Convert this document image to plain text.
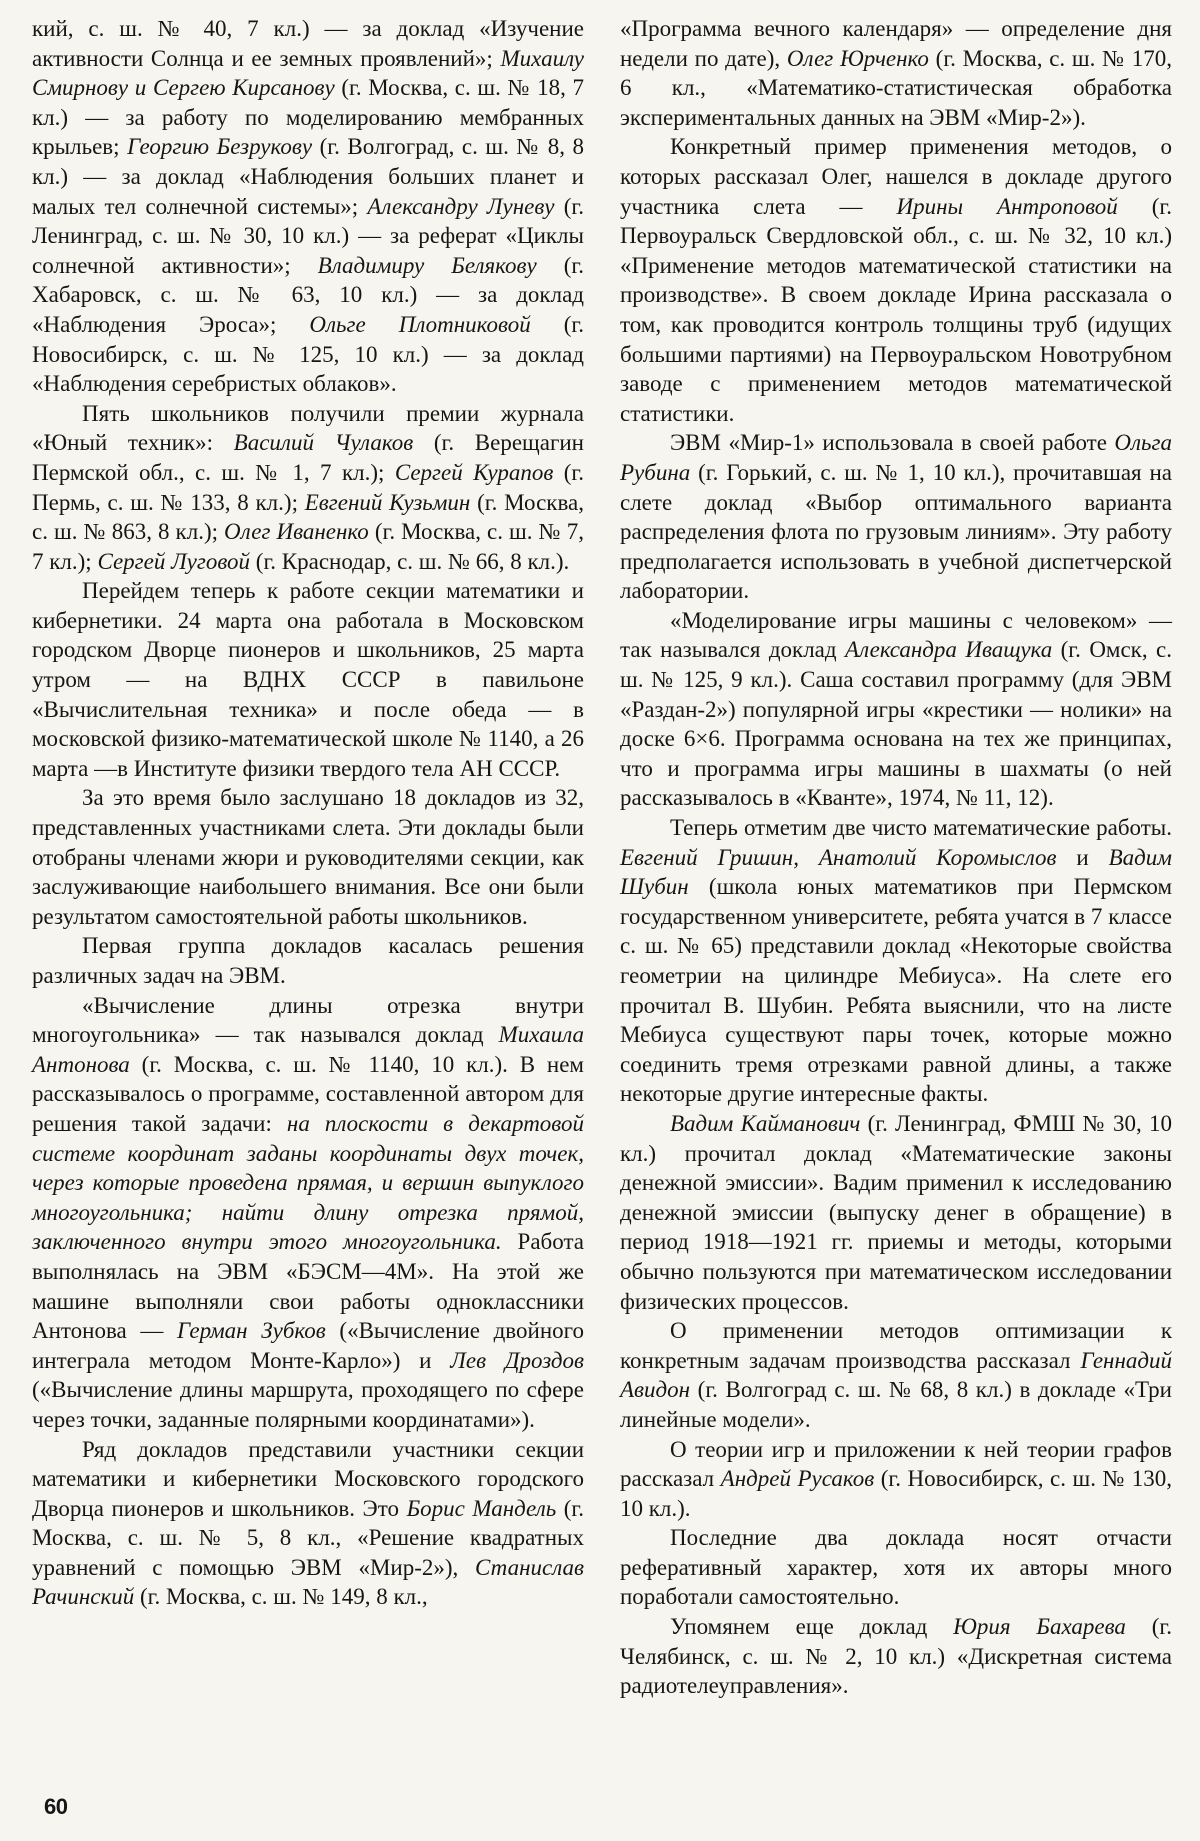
кий, с. ш. № 40, 7 кл.) — за доклад «Изучение активности Солнца и ее земных проявлений»; Михаилу Смирнову и Сергею Кирсанову (г. Москва, с. ш. № 18, 7 кл.) — за работу по моделированию мембранных крыльев; Георгию Безрукову (г. Волгоград, с. ш. № 8, 8 кл.) — за доклад «Наблюдения больших планет и малых тел солнечной системы»; Александру Луневу (г. Ленинград, с. ш. № 30, 10 кл.) — за реферат «Циклы солнечной активности»; Владимиру Белякову (г. Хабаровск, с. ш. № 63, 10 кл.) — за доклад «Наблюдения Эроса»; Ольге Плотниковой (г. Новосибирск, с. ш. № 125, 10 кл.) — за доклад «Наблюдения серебристых облаков».

Пять школьников получили премии журнала «Юный техник»: Василий Чулаков (г. Верещагин Пермской обл., с. ш. № 1, 7 кл.); Сергей Курапов (г. Пермь, с. ш. № 133, 8 кл.); Евгений Кузьмин (г. Москва, с. ш. № 863, 8 кл.); Олег Иваненко (г. Москва, с. ш. № 7, 7 кл.); Сергей Луговой (г. Краснодар, с. ш. № 66, 8 кл.).

Перейдем теперь к работе секции математики и кибернетики. 24 марта она работала в Московском городском Дворце пионеров и школьников, 25 марта утром — на ВДНХ СССР в павильоне «Вычислительная техника» и после обеда — в московской физико-математической школе № 1140, а 26 марта —в Институте физики твердого тела АН СССР.

За это время было заслушано 18 докладов из 32, представленных участниками слета. Эти доклады были отобраны членами жюри и руководителями секции, как заслуживающие наибольшего внимания. Все они были результатом самостоятельной работы школьников.

Первая группа докладов касалась решения различных задач на ЭВМ.

«Вычисление длины отрезка внутри многоугольника» — так назывался доклад Михаила Антонова (г. Москва, с. ш. № 1140, 10 кл.). В нем рассказывалось о программе, составленной автором для решения такой задачи: на плоскости в декартовой системе координат заданы координаты двух точек, через которые проведена прямая, и вершин выпуклого многоугольника; найти длину отрезка прямой, заключенного внутри этого многоугольника. Работа выполнялась на ЭВМ «БЭСМ—4М». На этой же машине выполняли свои работы одноклассники Антонова — Герман Зубков («Вычисление двойного интеграла методом Монте-Карло») и Лев Дроздов («Вычисление длины маршрута, проходящего по сфере через точки, заданные полярными координатами»).

Ряд докладов представили участники секции математики и кибернетики Московского городского Дворца пионеров и школьников. Это Борис Мандель (г. Москва, с. ш. № 5, 8 кл., «Решение квадратных уравнений с помощью ЭВМ «Мир-2»), Станислав Рачинский (г. Москва, с. ш. № 149, 8 кл.,

«Программа вечного календаря» — определение дня недели по дате), Олег Юрченко (г. Москва, с. ш. № 170, 6 кл., «Математико-статистическая обработка экспериментальных данных на ЭВМ «Мир-2»).

Конкретный пример применения методов, о которых рассказал Олег, нашелся в докладе другого участника слета — Ирины Антроповой (г. Первоуральск Свердловской обл., с. ш. № 32, 10 кл.) «Применение методов математической статистики на производстве». В своем докладе Ирина рассказала о том, как проводится контроль толщины труб (идущих большими партиями) на Первоуральском Новотрубном заводе с применением методов математической статистики.

ЭВМ «Мир-1» использовала в своей работе Ольга Рубина (г. Горький, с. ш. № 1, 10 кл.), прочитавшая на слете доклад «Выбор оптимального варианта распределения флота по грузовым линиям». Эту работу предполагается использовать в учебной диспетчерской лаборатории.

«Моделирование игры машины с человеком» — так назывался доклад Александра Иващука (г. Омск, с. ш. № 125, 9 кл.). Саша составил программу (для ЭВМ «Раздан-2») популярной игры «крестики — нолики» на доске 6×6. Программа основана на тех же принципах, что и программа игры машины в шахматы (о ней рассказывалось в «Кванте», 1974, № 11, 12).

Теперь отметим две чисто математические работы. Евгений Гришин, Анатолий Коромыслов и Вадим Шубин (школа юных математиков при Пермском государственном университете, ребята учатся в 7 классе с. ш. № 65) представили доклад «Некоторые свойства геометрии на цилиндре Мебиуса». На слете его прочитал В. Шубин. Ребята выяснили, что на листе Мебиуса существуют пары точек, которые можно соединить тремя отрезками равной длины, а также некоторые другие интересные факты.

Вадим Кайманович (г. Ленинград, ФМШ № 30, 10 кл.) прочитал доклад «Математические законы денежной эмиссии». Вадим применил к исследованию денежной эмиссии (выпуску денег в обращение) в период 1918—1921 гг. приемы и методы, которыми обычно пользуются при математическом исследовании физических процессов.

О применении методов оптимизации к конкретным задачам производства рассказал Геннадий Авидон (г. Волгоград с. ш. № 68, 8 кл.) в докладе «Три линейные модели».

О теории игр и приложении к ней теории графов рассказал Андрей Русаков (г. Новосибирск, с. ш. № 130, 10 кл.).

Последние два доклада носят отчасти реферативный характер, хотя их авторы много поработали самостоятельно.

Упомянем еще доклад Юрия Бахарева (г. Челябинск, с. ш. № 2, 10 кл.) «Дискретная система радиотелеуправления».

60
